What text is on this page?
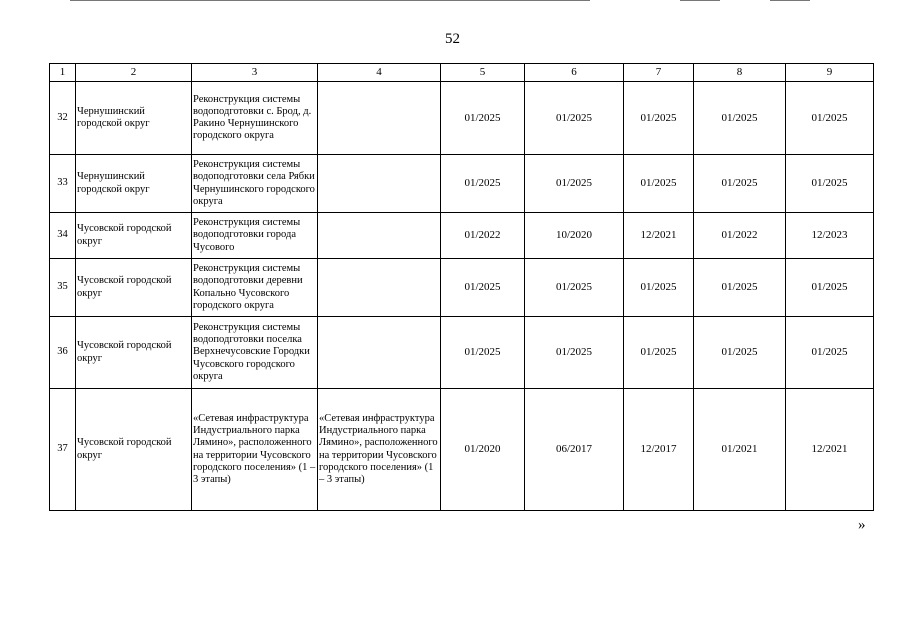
52
1	2	3	4	5	6	7	8	9
32	Чернушинский городской округ	Реконструкция системы водоподготовки с. Брод, д. Ракино Чернушинского городского округа		01/2025	01/2025	01/2025	01/2025	01/2025
33	Чернушинский городской округ	Реконструкция системы водоподготовки села Рябки Чернушинского городского округа		01/2025	01/2025	01/2025	01/2025	01/2025
34	Чусовской городской округ	Реконструкция системы водоподготовки города Чусового		01/2022	10/2020	12/2021	01/2022	12/2023
35	Чусовской городской округ	Реконструкция системы водоподготовки деревни Копально Чусовского городского округа		01/2025	01/2025	01/2025	01/2025	01/2025
36	Чусовской городской округ	Реконструкция системы водоподготовки поселка Верхнечусовские Городки Чусовского городского округа		01/2025	01/2025	01/2025	01/2025	01/2025
37	Чусовской городской округ	«Сетевая инфраструктура Индустриального парка Лямино», расположенного на территории Чусовского городского поселения» (1 – 3 этапы)	«Сетевая инфраструктура Индустриального парка Лямино», расположенного на территории Чусовского городского поселения» (1 – 3 этапы)	01/2020	06/2017	12/2017	01/2021	12/2021
»
